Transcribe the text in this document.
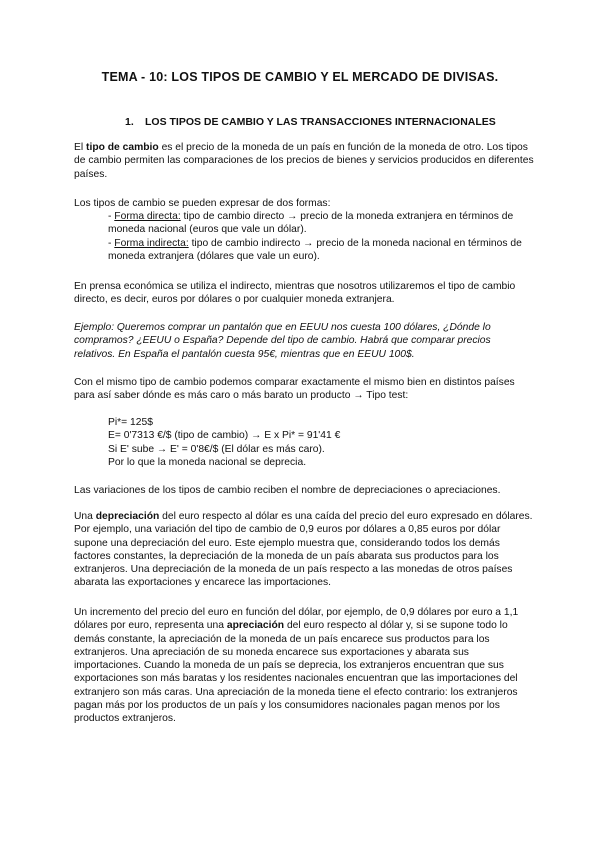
TEMA - 10: LOS TIPOS DE CAMBIO Y EL MERCADO DE DIVISAS.
1. LOS TIPOS DE CAMBIO Y LAS TRANSACCIONES INTERNACIONALES

El tipo de cambio es el precio de la moneda de un país en función de la moneda de otro. Los tipos de cambio permiten las comparaciones de los precios de bienes y servicios producidos en diferentes países.

Los tipos de cambio se pueden expresar de dos formas:

- Forma directa: tipo de cambio directo → precio de la moneda extranjera en términos de moneda nacional (euros que vale un dólar).

- Forma indirecta: tipo de cambio indirecto → precio de la moneda nacional en términos de moneda extranjera (dólares que vale un euro).

En prensa económica se utiliza el indirecto, mientras que nosotros utilizaremos el tipo de cambio directo, es decir, euros por dólares o por cualquier moneda extranjera.

Ejemplo: Queremos comprar un pantalón que en EEUU nos cuesta 100 dólares, ¿Dónde lo compramos? ¿EEUU o España? Depende del tipo de cambio. Habrá que comparar precios relativos. En España el pantalón cuesta 95€, mientras que en EEUU 100$.

Con el mismo tipo de cambio podemos comparar exactamente el mismo bien en distintos países para así saber dónde es más caro o más barato un producto → Tipo test:

Pi*= 125$
E= 0'7313 €/$ (tipo de cambio) → E x Pi* = 91'41 €
Si E' sube → E' = 0'8€/$ (El dólar es más caro).
Por lo que la moneda nacional se deprecia.

Las variaciones de los tipos de cambio reciben el nombre de depreciaciones o apreciaciones.

Una depreciación del euro respecto al dólar es una caída del precio del euro expresado en dólares. Por ejemplo, una variación del tipo de cambio de 0,9 euros por dólares a 0,85 euros por dólar supone una depreciación del euro. Este ejemplo muestra que, considerando todos los demás factores constantes, la depreciación de la moneda de un país abarata sus productos para los extranjeros. Una depreciación de la moneda de un país respecto a las monedas de otros países abarata las exportaciones y encarece las importaciones.

Un incremento del precio del euro en función del dólar, por ejemplo, de 0,9 dólares por euro a 1,1 dólares por euro, representa una apreciación del euro respecto al dólar y, si se supone todo lo demás constante, la apreciación de la moneda de un país encarece sus productos para los extranjeros. Una apreciación de su moneda encarece sus exportaciones y abarata sus importaciones. Cuando la moneda de un país se deprecia, los extranjeros encuentran que sus exportaciones son más baratas y los residentes nacionales encuentran que las importaciones del extranjero son más caras. Una apreciación de la moneda tiene el efecto contrario: los extranjeros pagan más por los productos de un país y los consumidores nacionales pagan menos por los productos extranjeros.
